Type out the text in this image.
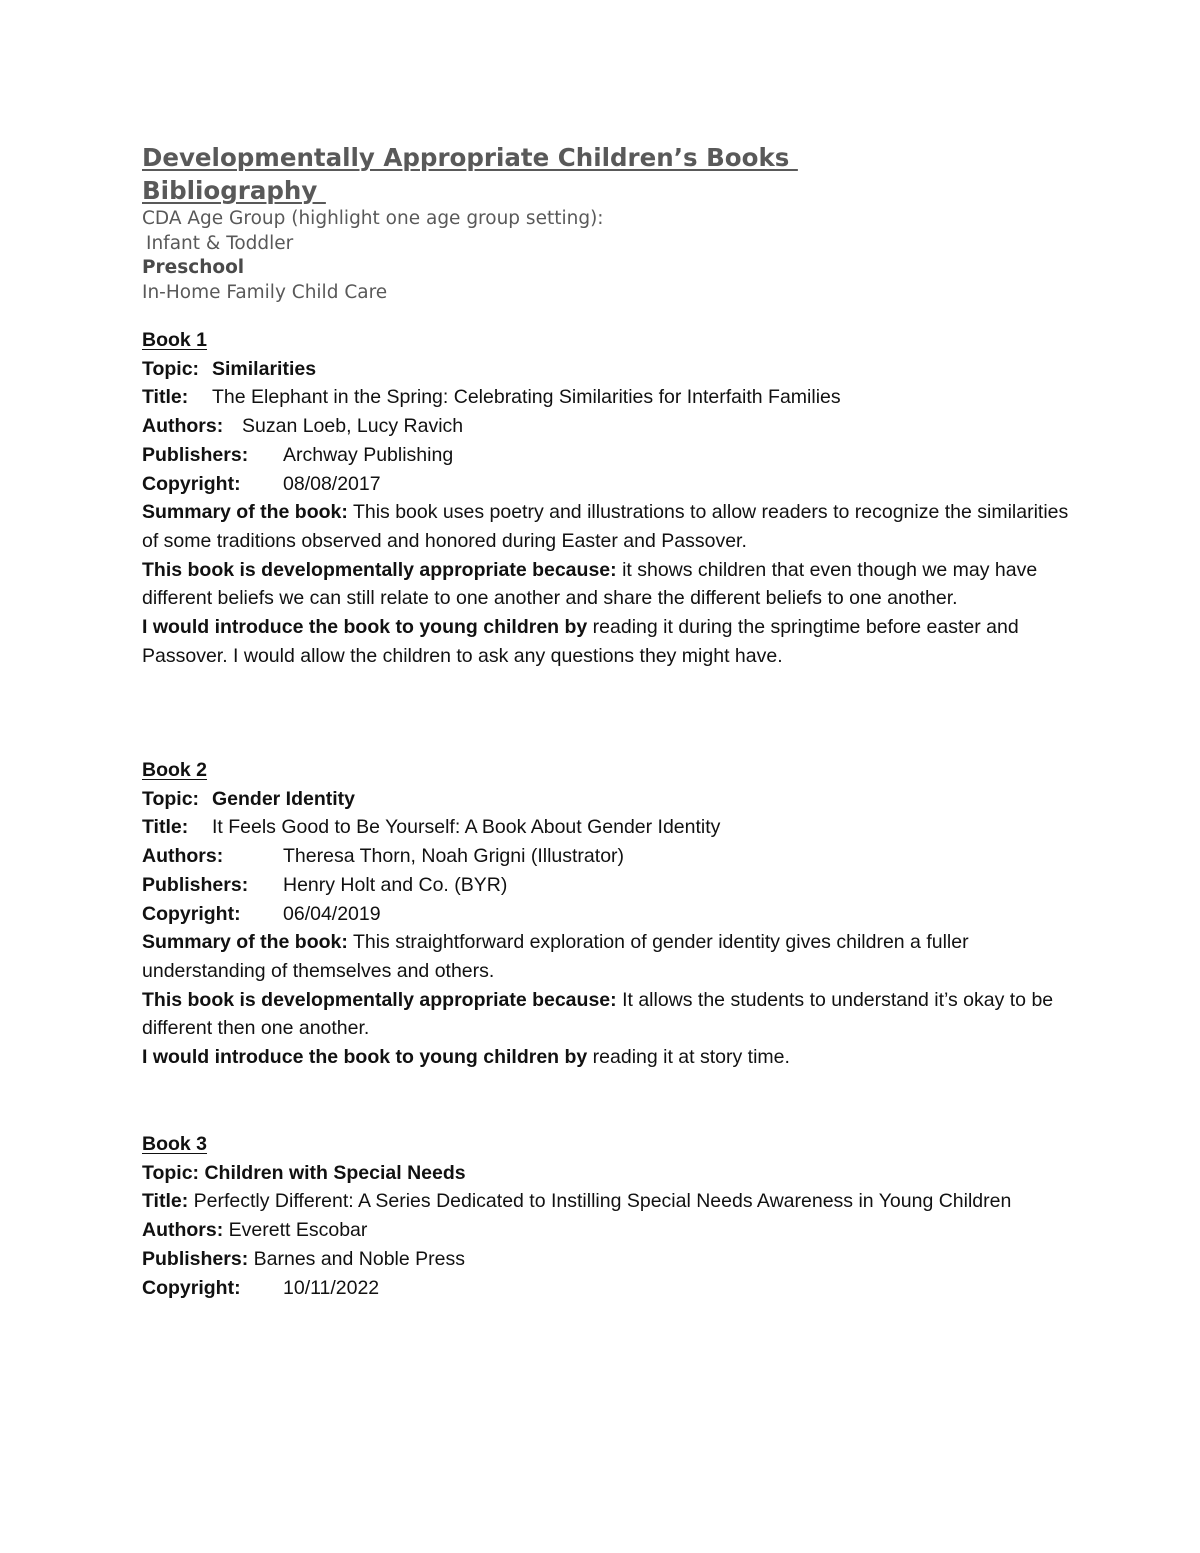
Developmentally Appropriate Children’s Books
Bibliography
CDA Age Group (highlight one age group setting):
Infant & Toddler
Preschool
In-Home Family Child Care
Book 1
Topic: Similarities
Title: The Elephant in the Spring: Celebrating Similarities for Interfaith Families
Authors: Suzan Loeb, Lucy Ravich
Publishers: Archway Publishing
Copyright: 08/08/2017
Summary of the book: This book uses poetry and illustrations to allow readers to recognize the similarities of some traditions observed and honored during Easter and Passover.
This book is developmentally appropriate because: it shows children that even though we may have different beliefs we can still relate to one another and share the different beliefs to one another.
I would introduce the book to young children by reading it during the springtime before easter and Passover. I would allow the children to ask any questions they might have.
Book 2
Topic: Gender Identity
Title: It Feels Good to Be Yourself: A Book About Gender Identity
Authors:	Theresa Thorn, Noah Grigni (Illustrator)
Publishers: Henry Holt and Co. (BYR)
Copyright: 06/04/2019
Summary of the book: This straightforward exploration of gender identity gives children a fuller understanding of themselves and others.
This book is developmentally appropriate because: It allows the students to understand it’s okay to be different then one another.
I would introduce the book to young children by reading it at story time.
Book 3
Topic: Children with Special Needs
Title: Perfectly Different: A Series Dedicated to Instilling Special Needs Awareness in Young Children
Authors: Everett Escobar
Publishers: Barnes and Noble Press
Copyright: 10/11/2022
